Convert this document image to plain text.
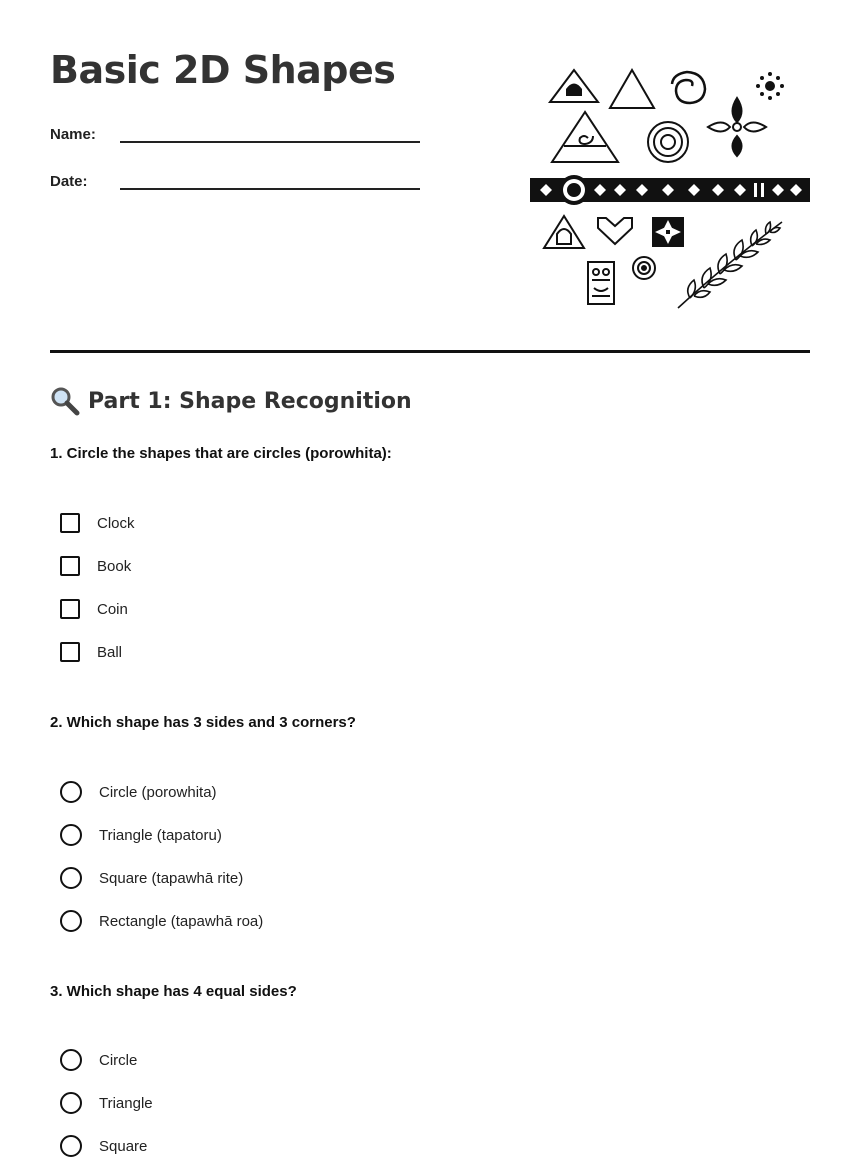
Basic 2D Shapes
Name:
Date:
Part 1: Shape Recognition

1. Circle the shapes that are circles (porowhita):

Clock
Book
Coin
Ball

2. Which shape has 3 sides and 3 corners?

Circle (porowhita)
Triangle (tapatoru)
Square (tapawhā rite)
Rectangle (tapawhā roa)

3. Which shape has 4 equal sides?

Circle
Triangle
Square
